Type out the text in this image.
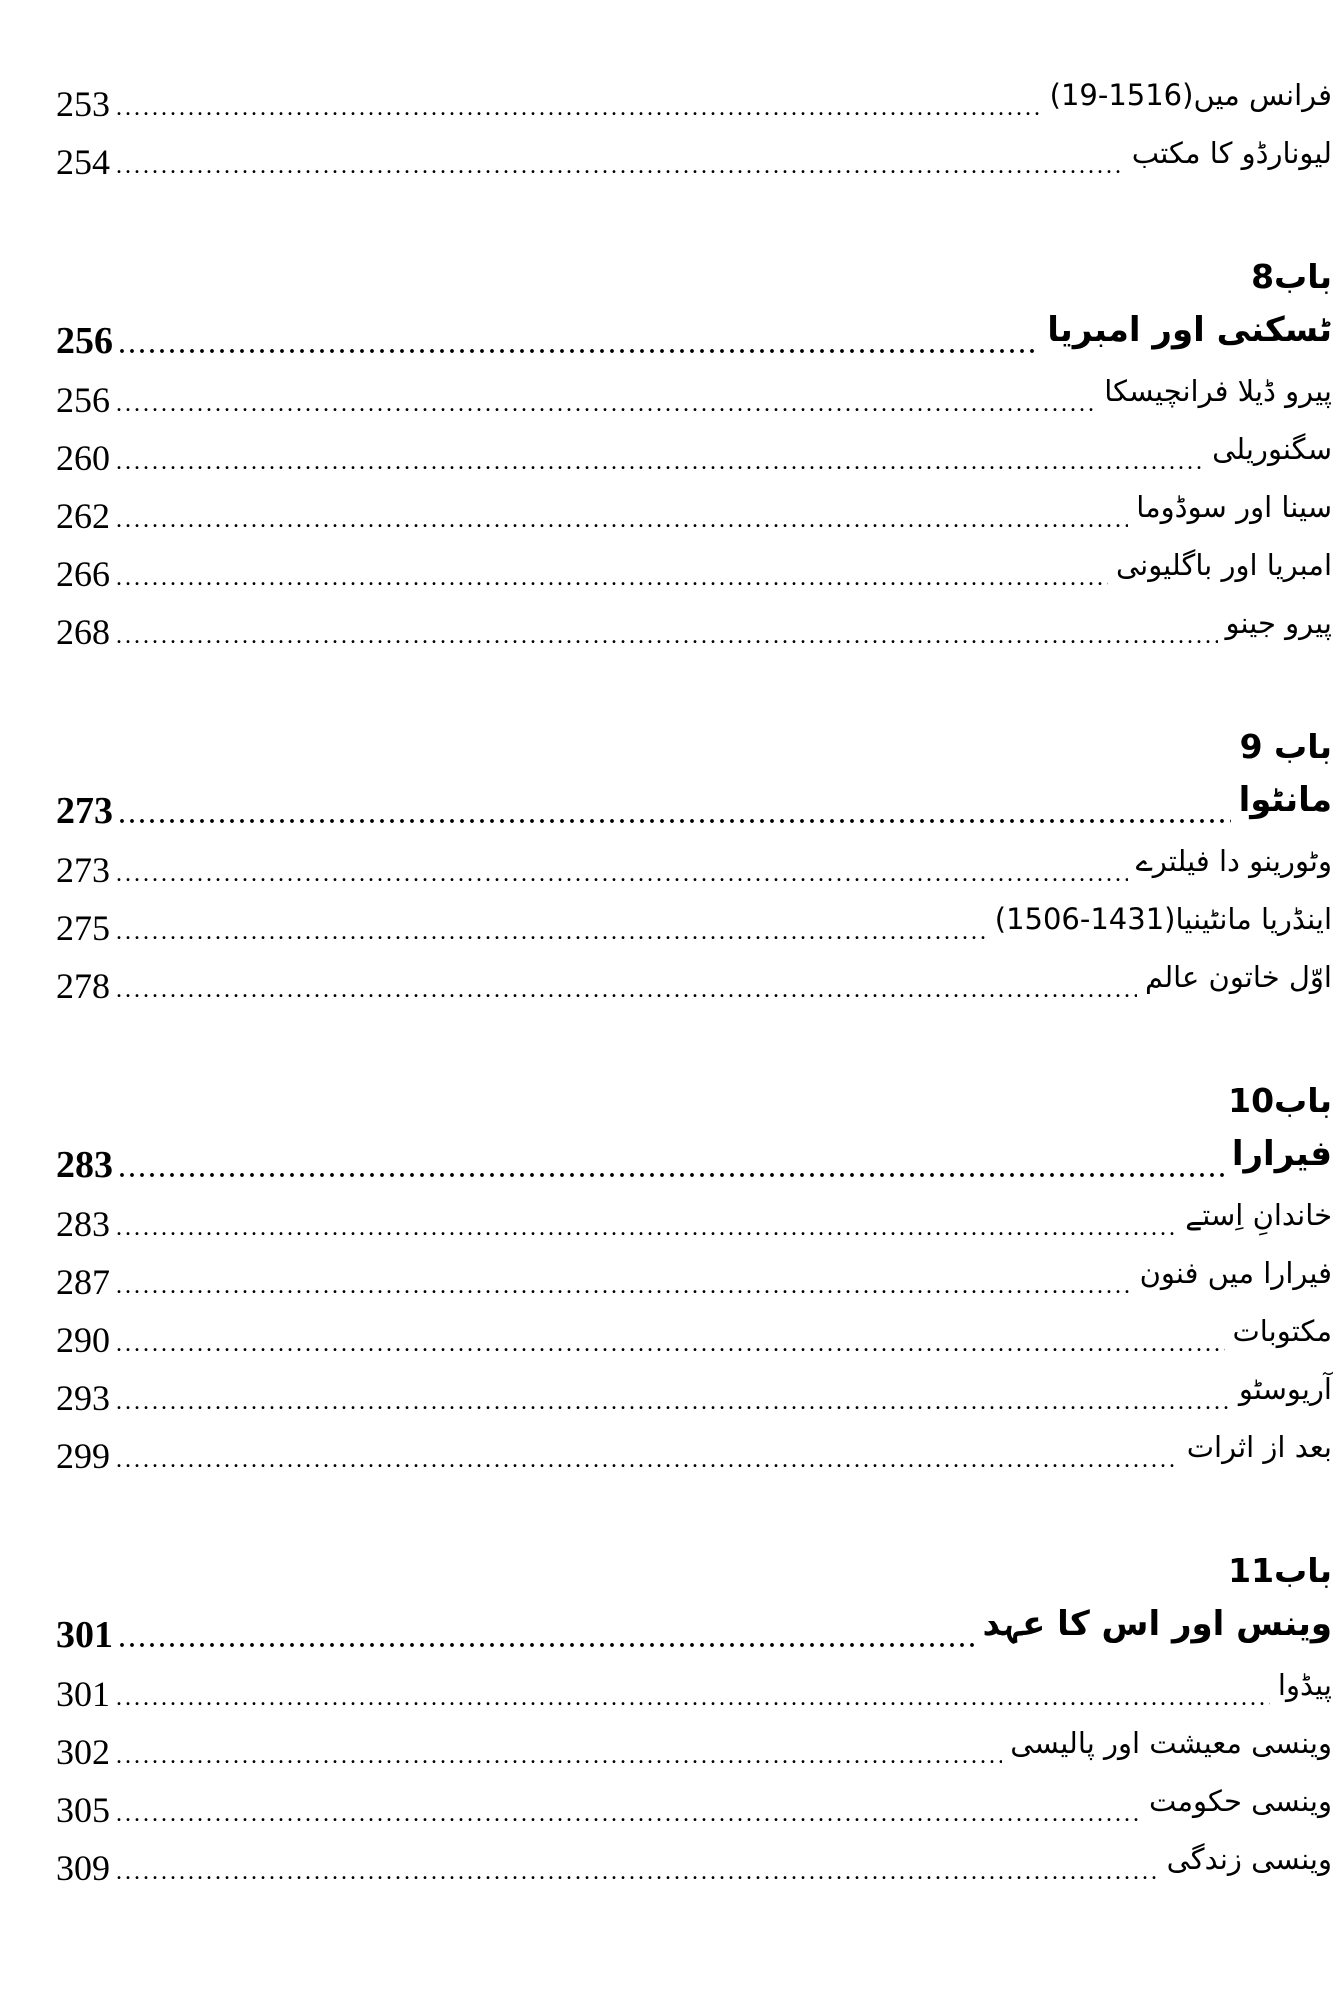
253 .....	فرانس میں(1516-19)
254 .....	لیونارڈو کا مکتب
باب8
256 .....	ٹسکنی اور امبریا
256 .....	پیرو ڈیلا فرانچیسکا
260 .....	سگنوریلی
262 .....	سینا اور سوڈوما
266 .....	امبریا اور باگلیونی
268 .....	پیرو جینو
باب 9
273 .....	مانٹوا
273 .....	وٹورینو دا فیلترے
275 .....	اینڈریا مانٹینیا(1431-1506)
278 .....	اوّل خاتون عالم
باب10
283 .....	فیرارا
283 .....	خاندانِ اِستے
287 .....	فیرارا میں فنون
290 .....	مکتوبات
293 .....	آریوسٹو
299 .....	بعد از اثرات
باب11
301 .....	وینس اور اس کا عہد
301 .....	پیڈوا
302 .....	وینسی معیشت اور پالیسی
305 .....	وینسی حکومت
309 .....	وینسی زندگی
